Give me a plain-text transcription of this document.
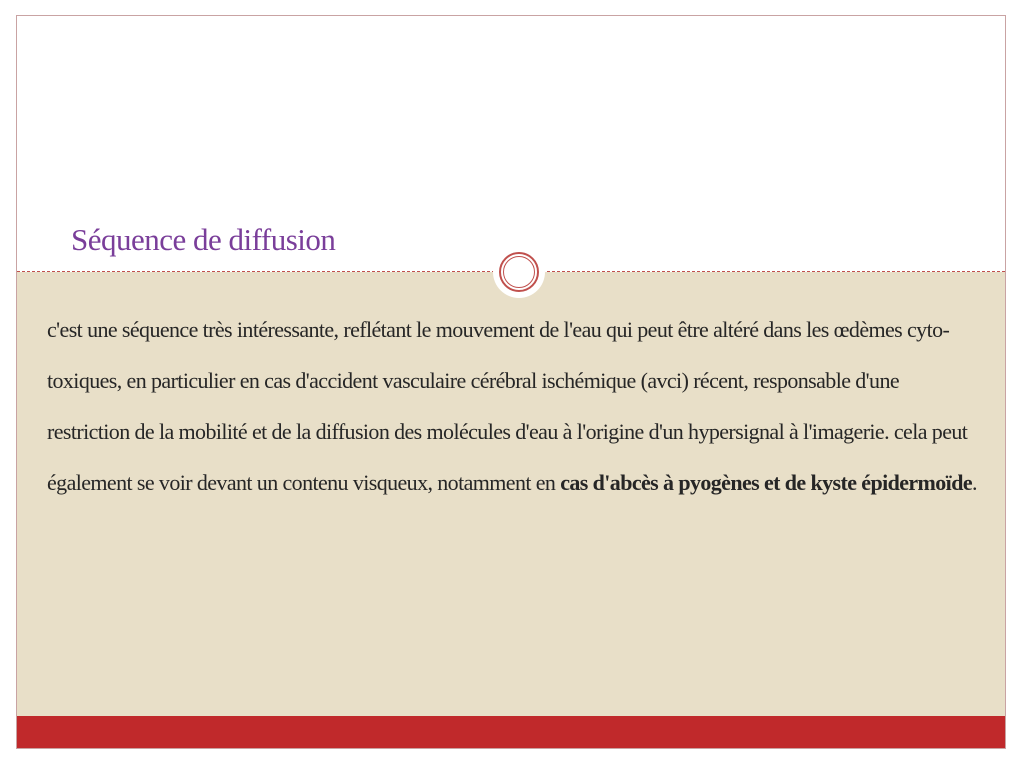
Séquence de diffusion

c'est une séquence très intéressante, reflétant le mouvement de l'eau qui peut être altéré dans les œdèmes cyto-toxiques, en particulier en cas d'accident vasculaire cérébral ischémique (avci) récent, responsable d'une restriction de la mobilité et de la diffusion des molécules d'eau à l'origine d'un hypersignal à l'imagerie. cela peut également se voir devant un contenu visqueux, notamment en cas d'abcès à pyogènes et de kyste épidermoïde.
